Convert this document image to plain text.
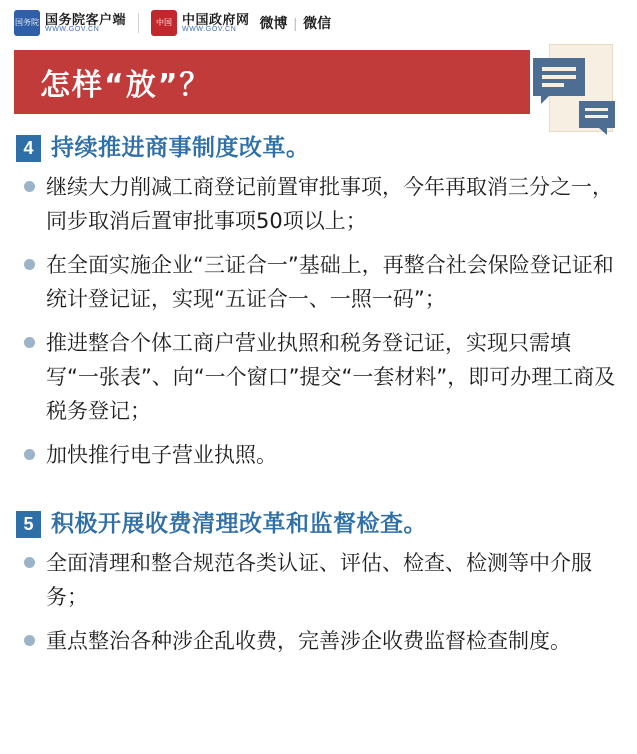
国务院 国务院客户端
WWW.GOV.CN
中国 中国政府网
WWW.GOV.CN	微博 | 微信
怎样“放”？
4 持续推进商事制度改革。
继续大力削减工商登记前置审批事项，今年再取消三分之一，同步取消后置审批事项50项以上；
在全面实施企业“三证合一”基础上，再整合社会保险登记证和统计登记证，实现“五证合一、一照一码”；
推进整合个体工商户营业执照和税务登记证，实现只需填写“一张表”、向“一个窗口”提交“一套材料”，即可办理工商及税务登记；
加快推行电子营业执照。
5 积极开展收费清理改革和监督检查。
全面清理和整合规范各类认证、评估、检查、检测等中介服务；
重点整治各种涉企乱收费，完善涉企收费监督检查制度。
